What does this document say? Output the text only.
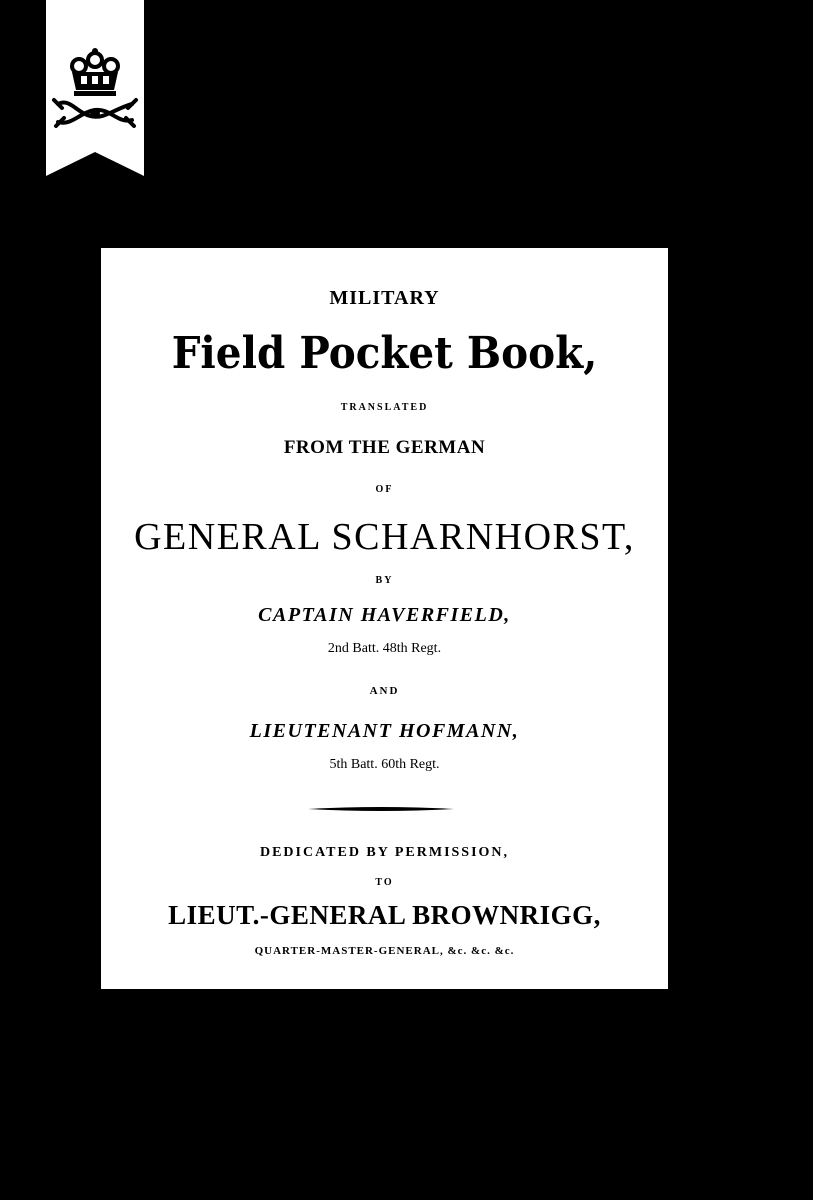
MILITARY
Field Pocket Book,
TRANSLATED
FROM THE GERMAN
OF
GENERAL SCHARNHORST,
BY
CAPTAIN HAVERFIELD,
2nd Batt. 48th Regt.
AND
LIEUTENANT HOFMANN,
5th Batt. 60th Regt.
DEDICATED BY PERMISSION,
TO
LIEUT.-GENERAL BROWNRIGG,
QUARTER-MASTER-GENERAL, &c. &c. &c.
